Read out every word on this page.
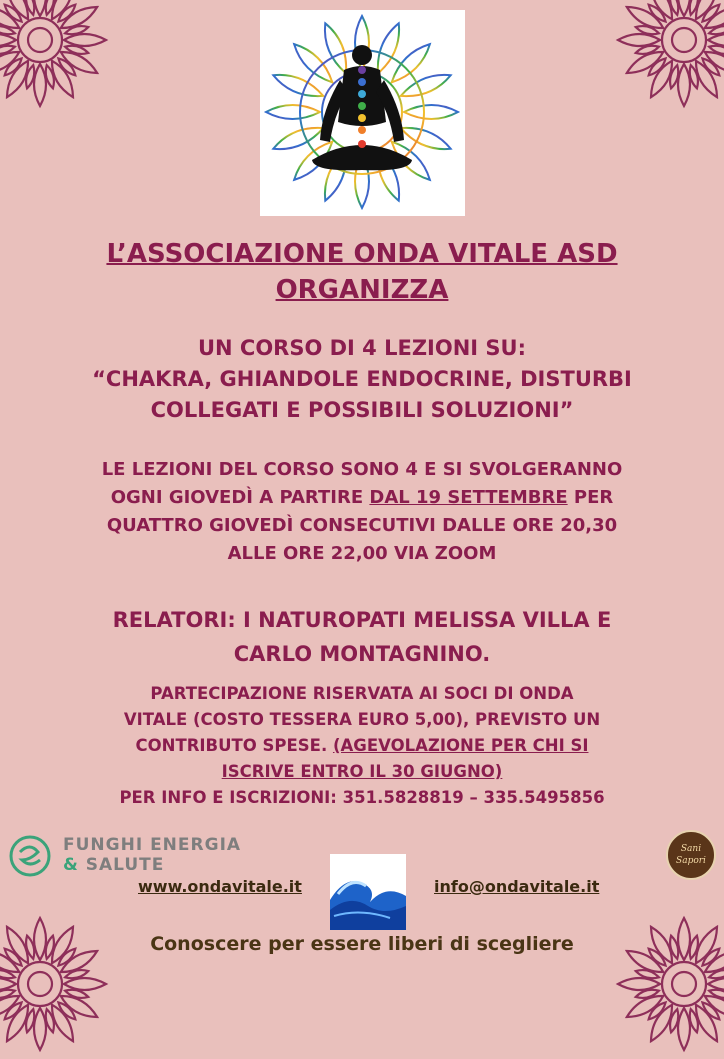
L’ASSOCIAZIONE ONDA VITALE ASD
ORGANIZZA
UN CORSO DI 4 LEZIONI SU:
“CHAKRA, GHIANDOLE ENDOCRINE, DISTURBI
COLLEGATI E POSSIBILI SOLUZIONI”
LE LEZIONI DEL CORSO SONO 4 E SI SVOLGERANNO
OGNI GIOVEDÌ A PARTIRE DAL 19 SETTEMBRE PER
QUATTRO GIOVEDÌ CONSECUTIVI DALLE ORE 20,30
ALLE ORE 22,00 VIA ZOOM
RELATORI: I NATUROPATI MELISSA VILLA E
CARLO MONTAGNINO.
PARTECIPAZIONE RISERVATA AI SOCI DI ONDA
VITALE (COSTO TESSERA EURO 5,00), PREVISTO UN
CONTRIBUTO SPESE. (AGEVOLAZIONE PER CHI SI
ISCRIVE ENTRO IL 30 GIUGNO)
PER INFO E ISCRIZIONI: 351.5828819 – 335.5495856
FUNGHI ENERGIA
& SALUTE
Sani
Sapori
www.ondavitale.it	info@ondavitale.it
Conoscere per essere liberi di scegliere
